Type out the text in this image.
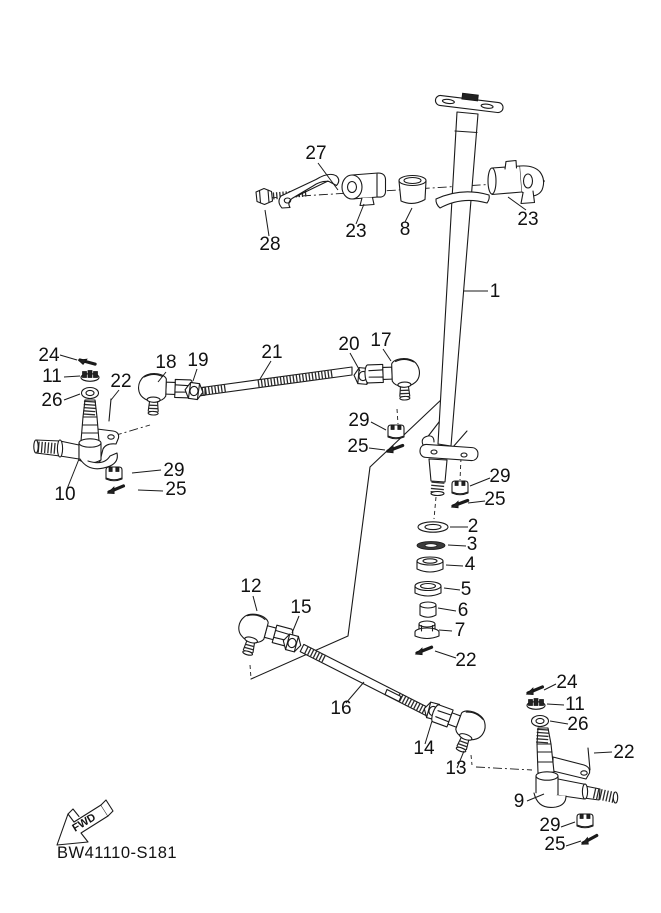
1
27
28
23 8	23
18 19	21	20 17
29
25
29
25
10
24
11
26
22
29
25
2
3
4
5
6
7
22
12
15
16
14
13
9
24
11
26
22
29
25
FWD
BW41110-S181
